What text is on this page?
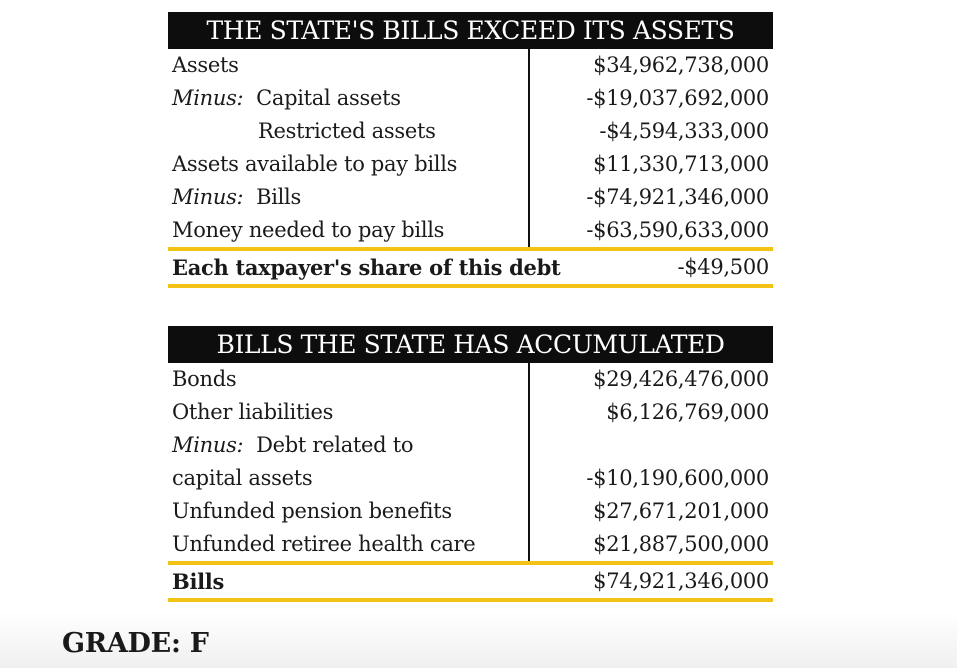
THE STATE'S BILLS EXCEED ITS ASSETS
Assets	$34,962,738,000
Minus: Capital assets	-$19,037,692,000
Restricted assets	-$4,594,333,000
Assets available to pay bills	$11,330,713,000
Minus: Bills	-$74,921,346,000
Money needed to pay bills	-$63,590,633,000
Each taxpayer's share of this debt	-$49,500
BILLS THE STATE HAS ACCUMULATED
Bonds	$29,426,476,000
Other liabilities	$6,126,769,000
Minus: Debt related to
capital assets	-$10,190,600,000
Unfunded pension benefits	$27,671,201,000
Unfunded retiree health care	$21,887,500,000
Bills	$74,921,346,000
GRADE: F
